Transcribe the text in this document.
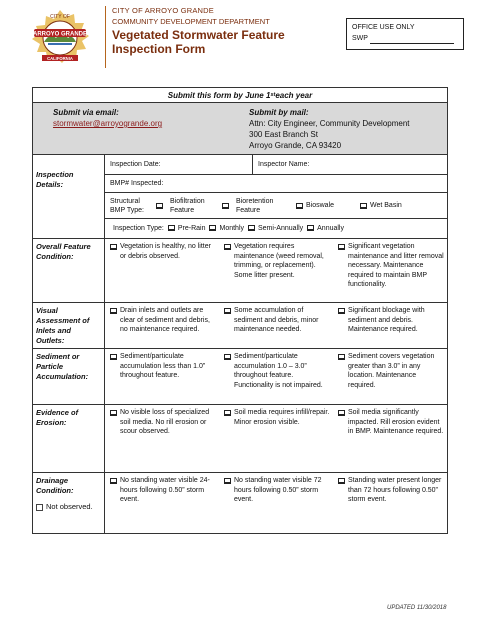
ARROYO GRANDE
CITY OF
CALIFORNIA
CITY OF ARROYO GRANDE
COMMUNITY DEVELOPMENT DEPARTMENT
Vegetated Stormwater Feature
Inspection Form
OFFICE USE ONLY
SWP
Submit this form by June 1 st each year
Submit via email:
stormwater@arroyogrande.org
Submit by mail:
Attn: City Engineer, Community Development
300 East Branch St
Arroyo Grande, CA 93420
Inspection Details:
Inspection Date:	Inspector Name:
BMP# Inspected:
Structural BMP Type:
Biofiltration Feature
Bioretention Feature
Bioswale	Wet Basin
Inspection Type: Pre-Rain Monthly Semi-Annually Annually
Overall Feature Condition:
Vegetation is healthy, no litter or debris observed.
Vegetation requires maintenance (weed removal, trimming, or replacement). Some litter present.
Significant vegetation maintenance and litter removal necessary. Maintenance required to maintain BMP functionality.
Visual Assessment of Inlets and Outlets:
Drain inlets and outlets are clear of sediment and debris, no maintenance required.
Some accumulation of sediment and debris, minor maintenance needed.
Significant blockage with sediment and debris. Maintenance required.
Sediment or Particle Accumulation:
Sediment/particulate accumulation less than 1.0” throughout feature.
Sediment/particulate accumulation 1.0 – 3.0” throughout feature. Functionality is not impaired.
Sediment covers vegetation greater than 3.0” in any location. Maintenance required.
Evidence of Erosion:
No visible loss of specialized soil media. No rill erosion or scour observed.
Soil media requires infill/repair. Minor erosion visible.
Soil media significantly impacted. Rill erosion evident in BMP. Maintenance required.
Drainage Condition:
Not observed.
No standing water visible 24-hours following 0.50” storm event.
No standing water visible 72 hours following 0.50” storm event.
Standing water present longer than 72 hours following 0.50” storm event.
UPDATED 11/30/2018
